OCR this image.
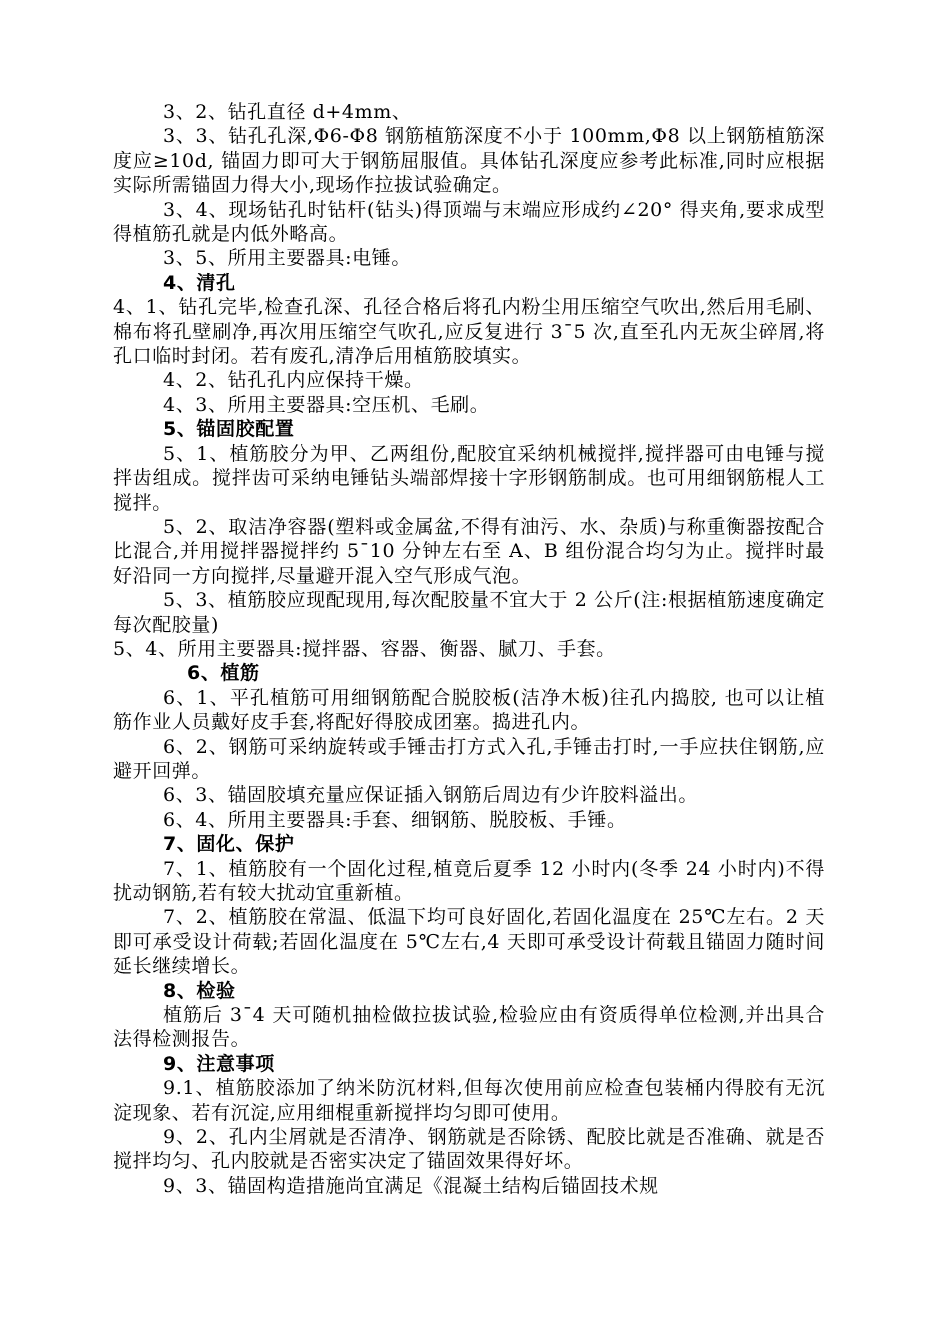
3、2、钻孔直径 d+4mm、

3、3、钻孔孔深,Φ6-Φ8 钢筋植筋深度不小于 100mm,Φ8 以上钢筋植筋深度应≥10d, 锚固力即可大于钢筋屈服值。具体钻孔深度应参考此标准,同时应根据实际所需锚固力得大小,现场作拉拔试验确定。

3、4、现场钻孔时钻杆(钻头)得顶端与末端应形成约∠20° 得夹角,要求成型得植筋孔就是内低外略高。

3、5、所用主要器具:电锤。

4、清孔

4、1、钻孔完毕,检查孔深、孔径合格后将孔内粉尘用压缩空气吹出,然后用毛刷、棉布将孔壁刷净,再次用压缩空气吹孔,应反复进行 3¯5 次,直至孔内无灰尘碎屑,将孔口临时封闭。若有废孔,清净后用植筋胶填实。

4、2、钻孔孔内应保持干燥。

4、3、所用主要器具:空压机、毛刷。

5、锚固胶配置

5、1、植筋胶分为甲、乙两组份,配胶宜采纳机械搅拌,搅拌器可由电锤与搅拌齿组成。搅拌齿可采纳电锤钻头端部焊接十字形钢筋制成。也可用细钢筋棍人工搅拌。

5、2、取洁净容器(塑料或金属盆,不得有油污、水、杂质)与称重衡器按配合比混合,并用搅拌器搅拌约 5¯10 分钟左右至 A、B 组份混合均匀为止。搅拌时最好沿同一方向搅拌,尽量避开混入空气形成气泡。

5、3、植筋胶应现配现用,每次配胶量不宜大于 2 公斤(注:根据植筋速度确定每次配胶量)

5、4、所用主要器具:搅拌器、容器、衡器、腻刀、手套。

6、植筋

6、1、平孔植筋可用细钢筋配合脱胶板(洁净木板)往孔内捣胶, 也可以让植筋作业人员戴好皮手套,将配好得胶成团塞。捣进孔内。

6、2、钢筋可采纳旋转或手锤击打方式入孔,手锤击打时,一手应扶住钢筋,应避开回弹。

6、3、锚固胶填充量应保证插入钢筋后周边有少许胶料溢出。

6、4、所用主要器具:手套、细钢筋、脱胶板、手锤。

7、固化、保护

7、1、植筋胶有一个固化过程,植竟后夏季 12 小时内(冬季 24 小时内)不得扰动钢筋,若有较大扰动宜重新植。

7、2、植筋胶在常温、低温下均可良好固化,若固化温度在 25℃左右。2 天即可承受设计荷载;若固化温度在 5℃左右,4 天即可承受设计荷载且锚固力随时间延长继续增长。

8、检验

植筋后 3¯4 天可随机抽检做拉拔试验,检验应由有资质得单位检测,并出具合法得检测报告。

9、注意事项

9.1、植筋胶添加了纳米防沉材料,但每次使用前应检查包装桶内得胶有无沉淀现象、若有沉淀,应用细棍重新搅拌均匀即可使用。

9、2、孔内尘屑就是否清净、钢筋就是否除锈、配胶比就是否准确、就是否搅拌均匀、孔内胶就是否密实决定了锚固效果得好坏。

9、3、锚固构造措施尚宜满足《混凝土结构后锚固技术规
